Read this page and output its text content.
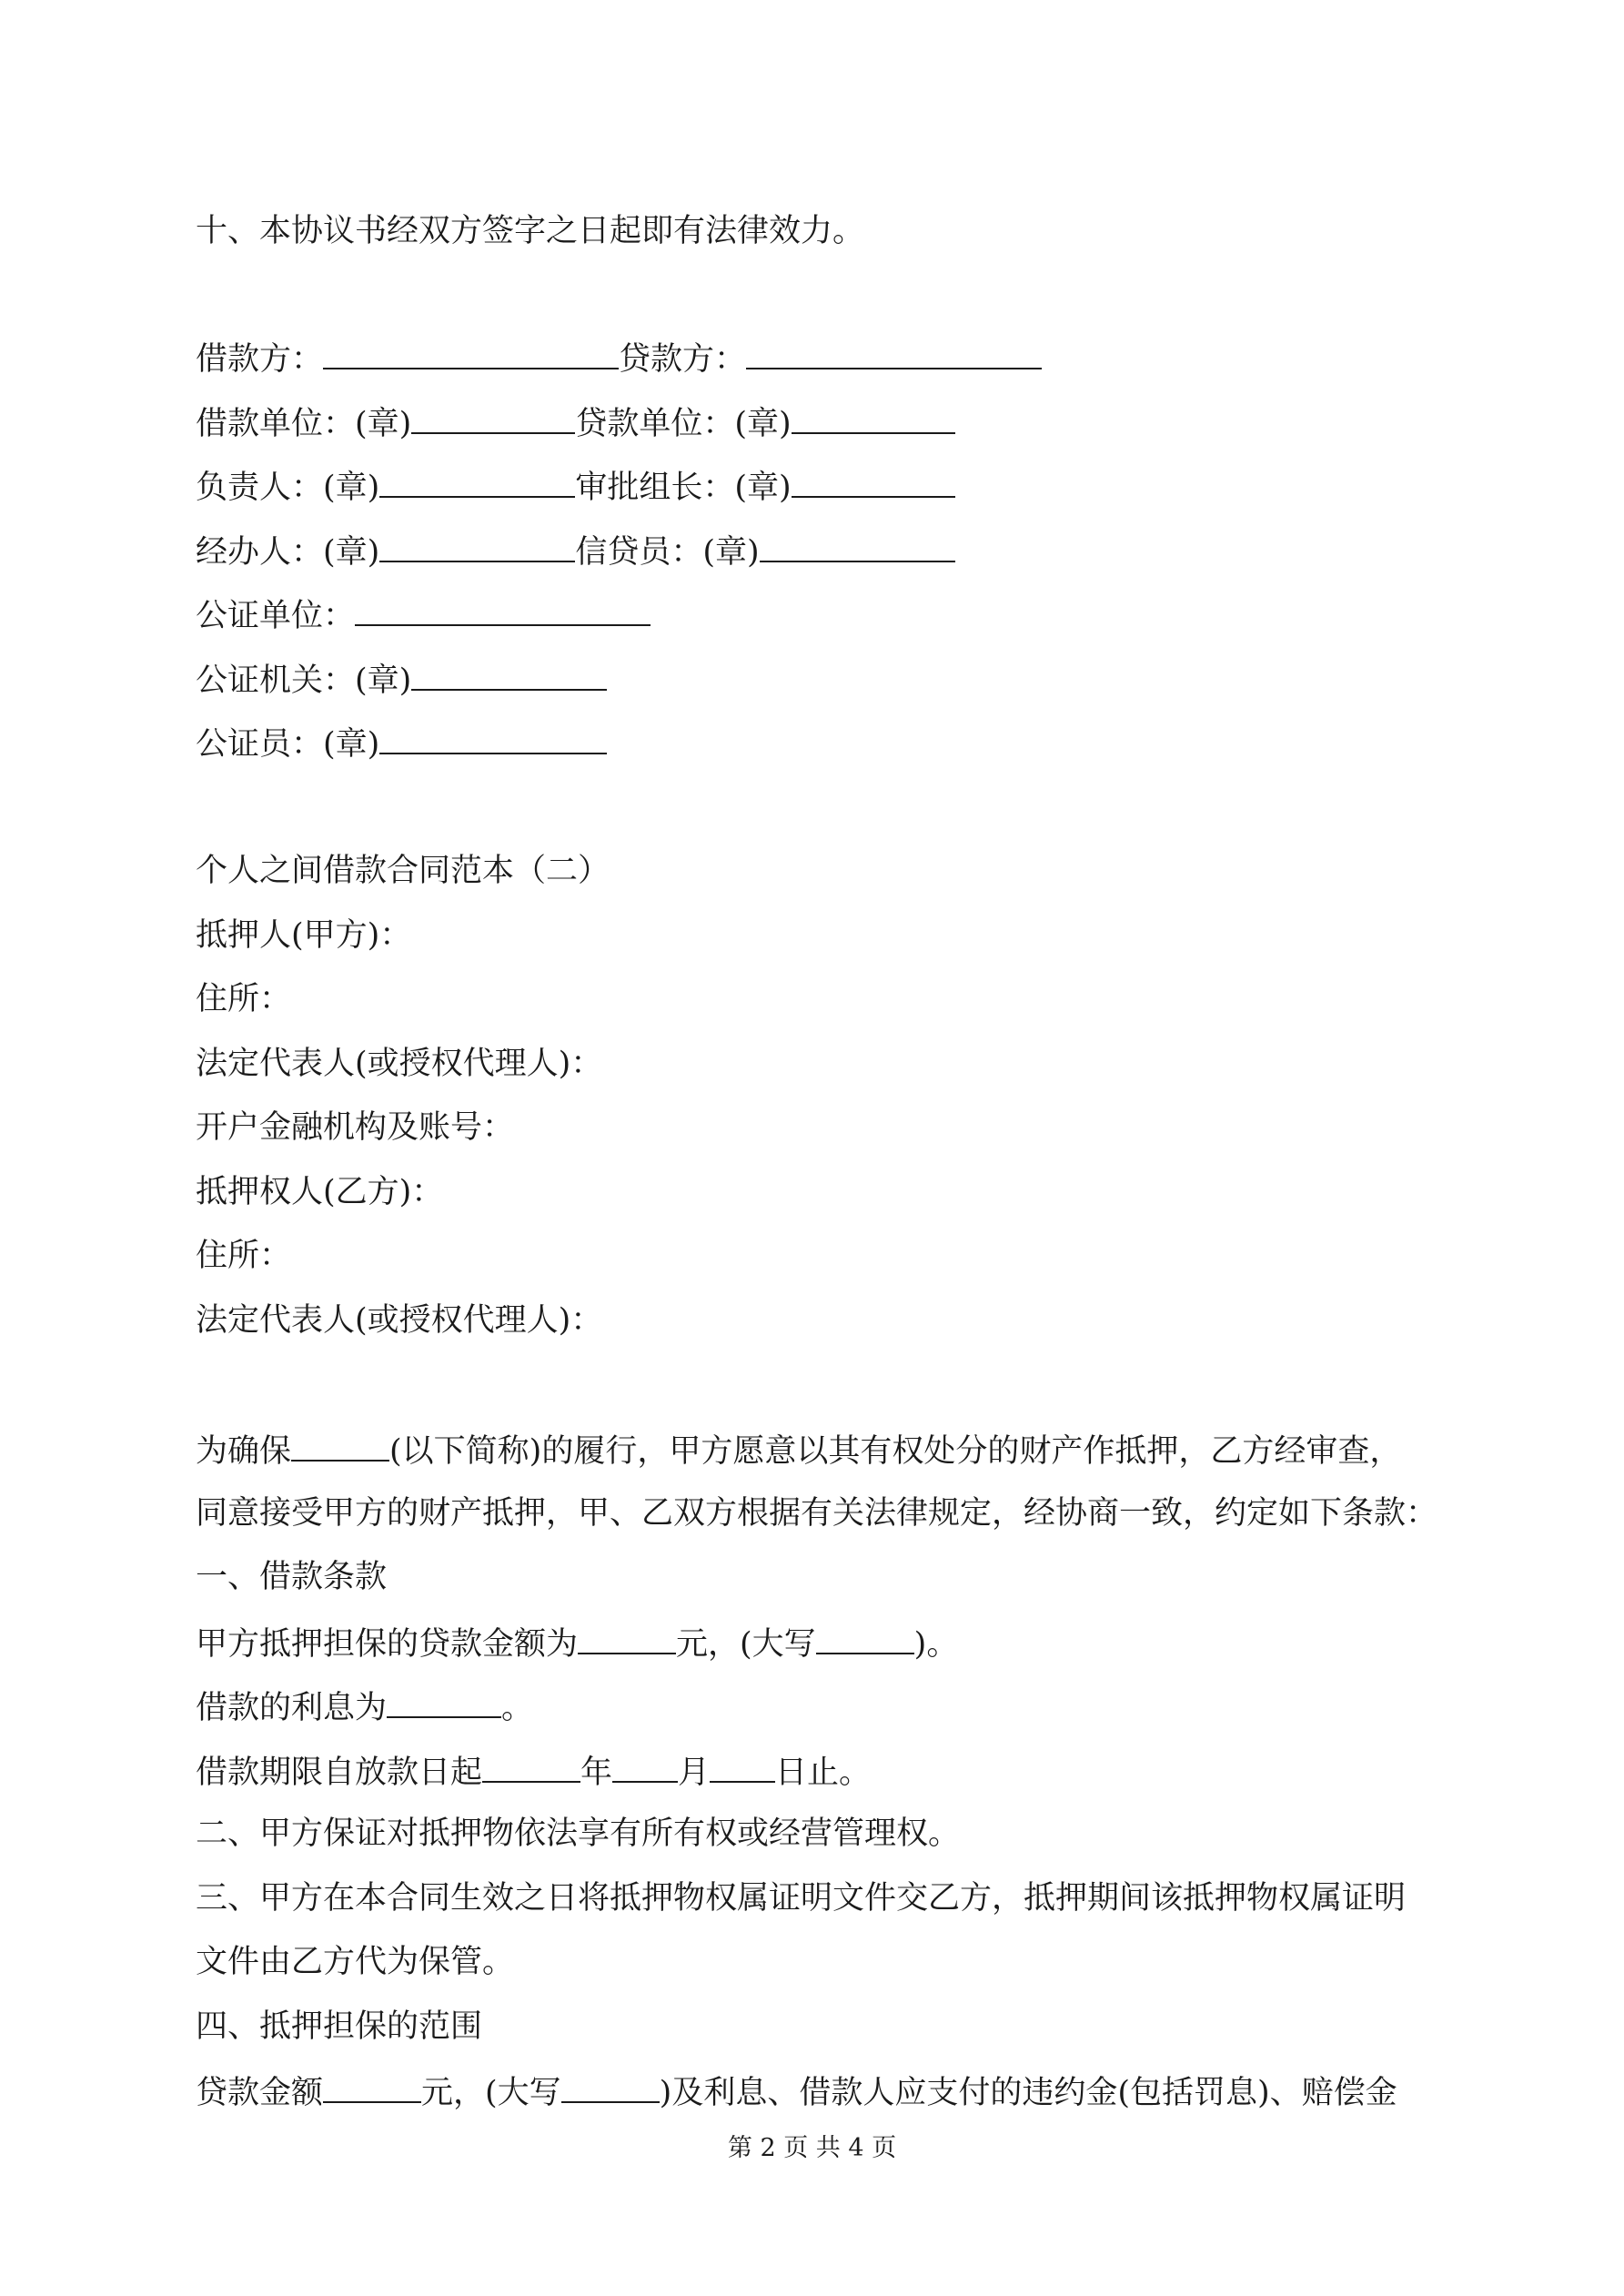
十、本协议书经双方签字之日起即有法律效力。
借款方：	贷款方：
借款单位：(章)	贷款单位：(章)
负责人：(章)	审批组长：(章)
经办人：(章)	信贷员：(章)
公证单位：
公证机关：(章)
公证员：(章)
个人之间借款合同范本（二）
抵押人(甲方)：
住所：
法定代表人(或授权代理人)：
开户金融机构及账号：
抵押权人(乙方)：
住所：
法定代表人(或授权代理人)：
为确保	(以下简称)的履行，甲方愿意以其有权处分的财产作抵押，乙方经审查，
同意接受甲方的财产抵押，甲、乙双方根据有关法律规定，经协商一致，约定如下条款：
一、借款条款
甲方抵押担保的贷款金额为	元，(大写	)。
借款的利息为	。
借款期限自放款日起	年 月 日止。
二、甲方保证对抵押物依法享有所有权或经营管理权。
三、甲方在本合同生效之日将抵押物权属证明文件交乙方，抵押期间该抵押物权属证明
文件由乙方代为保管。
四、抵押担保的范围
贷款金额	元，(大写	)及利息、借款人应支付的违约金(包括罚息)、赔偿金
第 2 页 共 4 页
